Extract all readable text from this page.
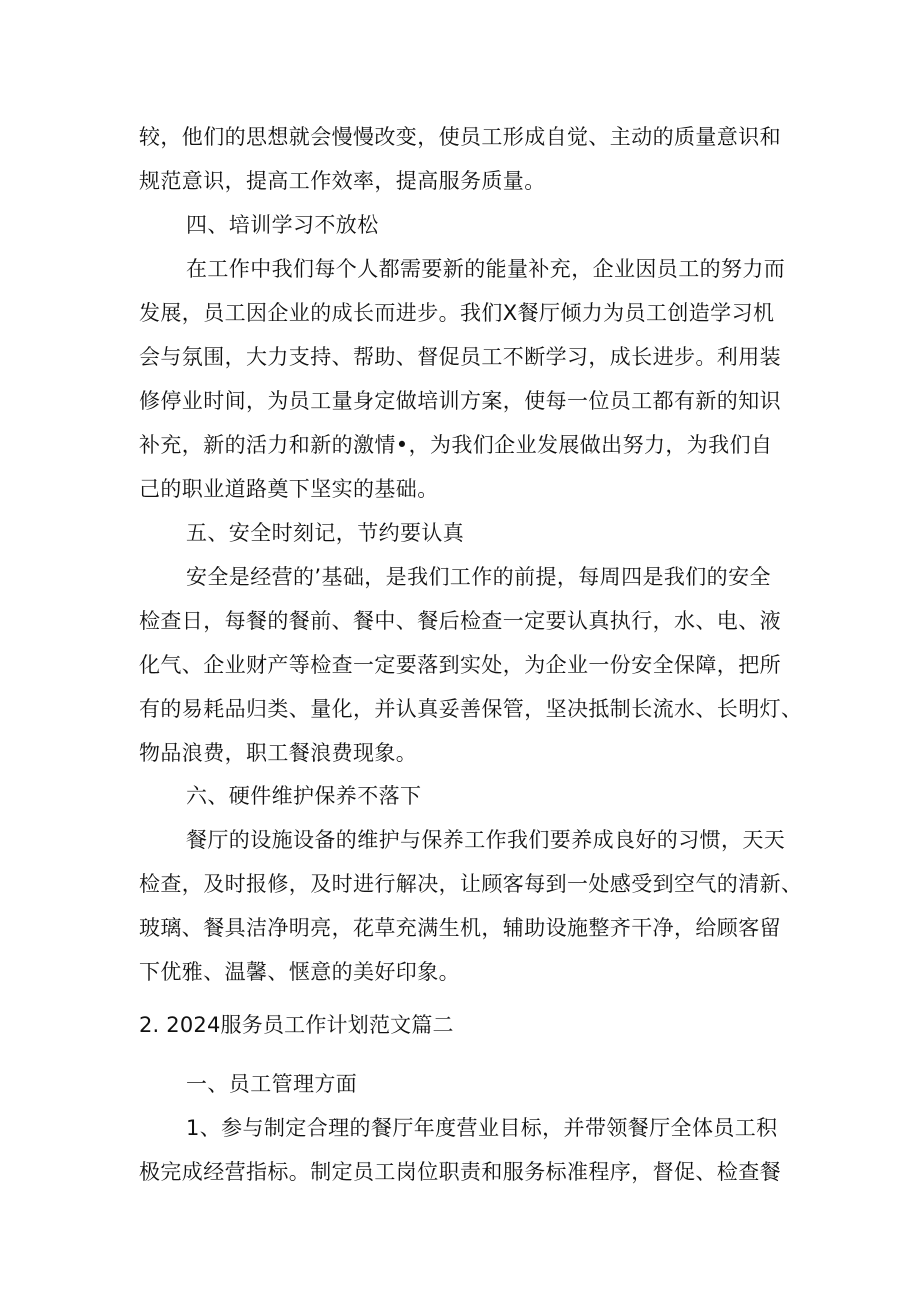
较，他们的思想就会慢慢改变，使员工形成自觉、主动的质量意识和
规范意识，提高工作效率，提高服务质量。
四、培训学习不放松
在工作中我们每个人都需要新的能量补充，企业因员工的努力而
发展，员工因企业的成长而进步。我们X餐厅倾力为员工创造学习机
会与氛围，大力支持、帮助、督促员工不断学习，成长进步。利用装
修停业时间，为员工量身定做培训方案，使每一位员工都有新的知识
补充，新的活力和新的激情•，为我们企业发展做出努力，为我们自
己的职业道路奠下坚实的基础。
五、安全时刻记，节约要认真
安全是经营的’基础，是我们工作的前提，每周四是我们的安全
检查日，每餐的餐前、餐中、餐后检查一定要认真执行，水、电、液
化气、企业财产等检查一定要落到实处，为企业一份安全保障，把所
有的易耗品归类、量化，并认真妥善保管，坚决抵制长流水、长明灯、
物品浪费，职工餐浪费现象。
六、硬件维护保养不落下
餐厅的设施设备的维护与保养工作我们要养成良好的习惯，天天
检查，及时报修，及时进行解决，让顾客每到一处感受到空气的清新、
玻璃、餐具洁净明亮，花草充满生机，辅助设施整齐干净，给顾客留
下优雅、温馨、惬意的美好印象。
2. 2024服务员工作计划范文篇二
一、员工管理方面
1、参与制定合理的餐厅年度营业目标，并带领餐厅全体员工积
极完成经营指标。制定员工岗位职责和服务标准程序，督促、检查餐
